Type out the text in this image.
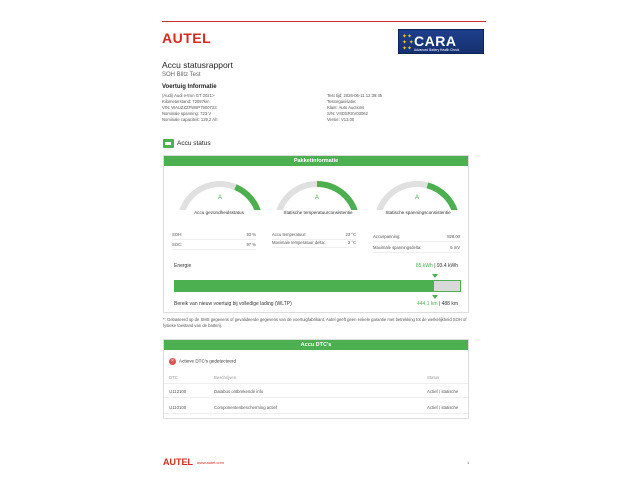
AUTEL	✦✦
✦ ✦
✦✦ CARA
Advanced Battery Health Check
Accu statusrapport
SOH Blitz Test
Voertuig Informatie
(Audi) Audi e-tron GT 2021>
Kilometerstand: 72097km
VIN: WAUZZZFW5P7900723
Nominale spanning: 723 V
Nominale capaciteit: 129,2 Ah
Test tijd: 2026-06-11 12:39:45
Testorganisatie:
Klant: Auto Auctions
S/N: VSDSRSV03062
Versie: V13.00
Accu status
Pakketinformatie
A
Accu gezondheidsstatus
A
Statische temperatuurconsistentie
A
Statische spanningsconsistentie
SOH:	93 %
SOC:	97 %
Accu temperatuur:	23 °C
Maximale temperatuur delta:	3 °C
Accuspanning:	828.00
Maximale spanningsdelta:	6 mV
Energie	85 kWh | 93.4 kWh
Bereik van nieuw voertuig bij volledige lading (WLTP)	444.1 km | 488 km
*: Gebaseerd op de SMS gegevens of gevalideerde gegevens van de voertuigfabrikant. Autel geeft geen enkele garantie met betrekking tot de werkelijkheid SOH of fysieke toestand van de batterij.
Accu DTC's
× Actieve DTC's gedetecteerd
DTC	Beschrijven	Status
U112100	Databus ontbrekende info	Actief / statische
U110100	Componentenbescherming actief	Actief / statische
AUTEL www.autel.com	1
